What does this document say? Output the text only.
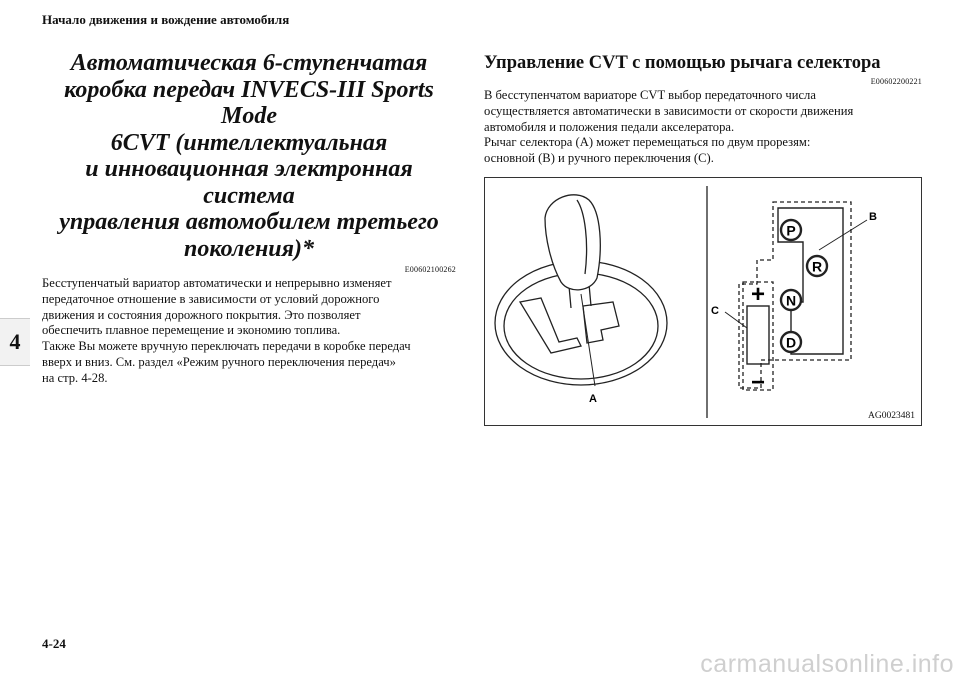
Начало движения и вождение автомобиля
4
Автоматическая 6-ступенчатая
коробка передач INVECS-III Sports Mode
6CVT (интеллектуальная
и инновационная электронная система
управления автомобилем третьего
поколения)*
E00602100262
Бесступенчатый вариатор автоматически и непрерывно изменяет
передаточное отношение в зависимости от условий дорожного
движения и состояния дорожного покрытия. Это позволяет
обеспечить плавное перемещение и экономию топлива.
Также Вы можете вручную переключать передачи в коробке передач
вверх и вниз. См. раздел «Режим ручного переключения передач»
на стр. 4-28.
Управление CVT с помощью рычага селектора
E00602200221
В бесступенчатом вариаторе CVT выбор передаточного числа
осуществляется автоматически в зависимости от скорости движения
автомобиля и положения педали акселератора.
Рычаг селектора (A) может перемещаться по двум прорезям:
основной (B) и ручного переключения (C).
A
P
R
N
D
+
−
B
C
AG0023481
4-24
carmanualsonline.info
